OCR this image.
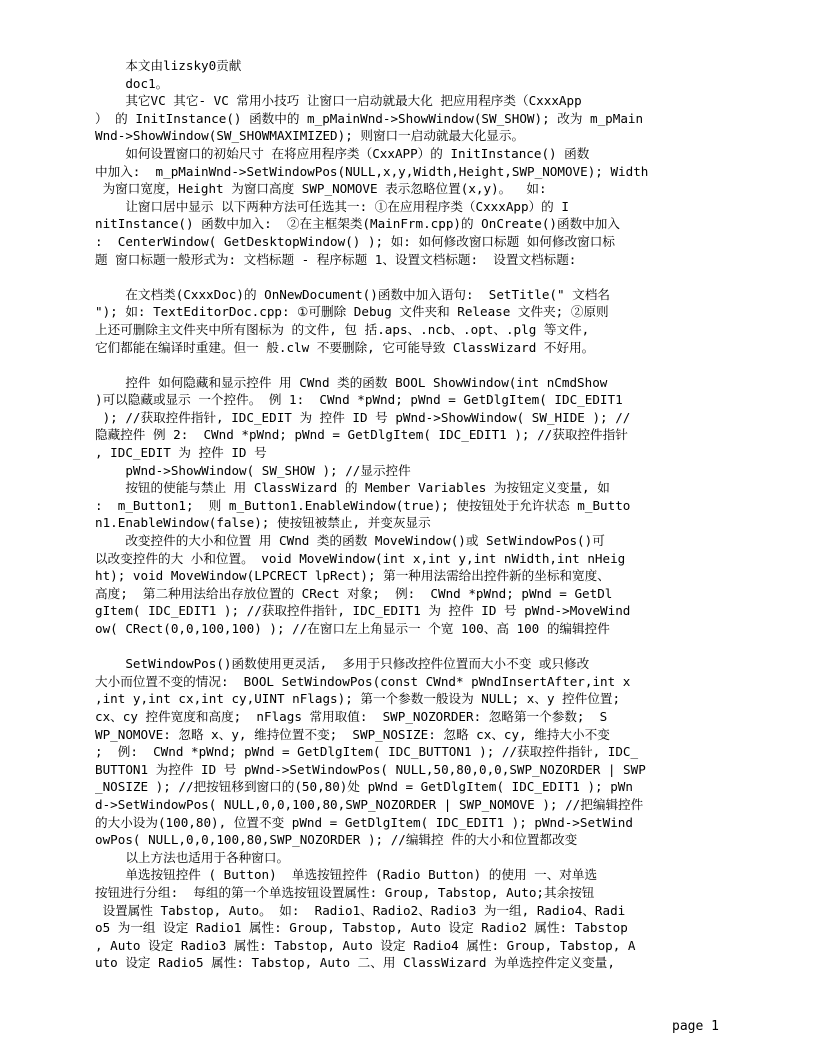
本文由lizsky0贡献
doc1。
其它VC 其它- VC 常用小技巧 让窗口一启动就最大化 把应用程序类（CxxxApp
） 的 InitInstance() 函数中的 m_pMainWnd->ShowWindow(SW_SHOW); 改为 m_pMain
Wnd->ShowWindow(SW_SHOWMAXIMIZED); 则窗口一启动就最大化显示。
如何设置窗口的初始尺寸 在将应用程序类（CxxAPP）的 InitInstance() 函数
中加入:  m_pMainWnd->SetWindowPos(NULL,x,y,Width,Height,SWP_NOMOVE); Width
为窗口宽度，Height 为窗口高度 SWP_NOMOVE 表示忽略位置(x,y)。  如:
让窗口居中显示 以下两种方法可任选其一: ①在应用程序类（CxxxApp）的 I
nitInstance() 函数中加入:  ②在主框架类(MainFrm.cpp)的 OnCreate()函数中加入
:  CenterWindow( GetDesktopWindow() ); 如: 如何修改窗口标题 如何修改窗口标
题 窗口标题一般形式为: 文档标题 - 程序标题 1、设置文档标题:  设置文档标题:
在文档类(CxxxDoc)的 OnNewDocument()函数中加入语句:  SetTitle(" 文档名
"); 如: TextEditorDoc.cpp: ①可删除 Debug 文件夹和 Release 文件夹; ②原则
上还可删除主文件夹中所有图标为 的文件, 包 括.aps、.ncb、.opt、.plg 等文件,
它们都能在编译时重建。但一 般.clw 不要删除, 它可能导致 ClassWizard 不好用。
控件 如何隐藏和显示控件 用 CWnd 类的函数 BOOL ShowWindow(int nCmdShow
)可以隐藏或显示 一个控件。 例 1:  CWnd *pWnd; pWnd = GetDlgItem( IDC_EDIT1
); //获取控件指针, IDC_EDIT 为 控件 ID 号 pWnd->ShowWindow( SW_HIDE ); //
隐藏控件 例 2:  CWnd *pWnd; pWnd = GetDlgItem( IDC_EDIT1 ); //获取控件指针
, IDC_EDIT 为 控件 ID 号
pWnd->ShowWindow( SW_SHOW ); //显示控件
按钮的使能与禁止 用 ClassWizard 的 Member Variables 为按钮定义变量, 如
:  m_Button1;  则 m_Button1.EnableWindow(true); 使按钮处于允许状态 m_Butto
n1.EnableWindow(false); 使按钮被禁止, 并变灰显示
改变控件的大小和位置 用 CWnd 类的函数 MoveWindow()或 SetWindowPos()可
以改变控件的大 小和位置。 void MoveWindow(int x,int y,int nWidth,int nHeig
ht); void MoveWindow(LPCRECT lpRect); 第一种用法需给出控件新的坐标和宽度、
高度;  第二种用法给出存放位置的 CRect 对象;  例:  CWnd *pWnd; pWnd = GetDl
gItem( IDC_EDIT1 ); //获取控件指针, IDC_EDIT1 为 控件 ID 号 pWnd->MoveWind
ow( CRect(0,0,100,100) ); //在窗口左上角显示一 个宽 100、高 100 的编辑控件
SetWindowPos()函数使用更灵活,  多用于只修改控件位置而大小不变 或只修改
大小而位置不变的情况:  BOOL SetWindowPos(const CWnd* pWndInsertAfter,int x
,int y,int cx,int cy,UINT nFlags); 第一个参数一般设为 NULL; x、y 控件位置;
cx、cy 控件宽度和高度;  nFlags 常用取值:  SWP_NOZORDER: 忽略第一个参数;  S
WP_NOMOVE: 忽略 x、y, 维持位置不变;  SWP_NOSIZE: 忽略 cx、cy, 维持大小不变
;  例:  CWnd *pWnd; pWnd = GetDlgItem( IDC_BUTTON1 ); //获取控件指针, IDC_
BUTTON1 为控件 ID 号 pWnd->SetWindowPos( NULL,50,80,0,0,SWP_NOZORDER | SWP
_NOSIZE ); //把按钮移到窗口的(50,80)处 pWnd = GetDlgItem( IDC_EDIT1 ); pWn
d->SetWindowPos( NULL,0,0,100,80,SWP_NOZORDER | SWP_NOMOVE ); //把编辑控件
的大小设为(100,80), 位置不变 pWnd = GetDlgItem( IDC_EDIT1 ); pWnd->SetWind
owPos( NULL,0,0,100,80,SWP_NOZORDER ); //编辑控 件的大小和位置都改变
以上方法也适用于各种窗口。
单选按钮控件 ( Button)  单选按钮控件 (Radio Button) 的使用 一、对单选
按钮进行分组:  每组的第一个单选按钮设置属性: Group, Tabstop, Auto;其余按钮
设置属性 Tabstop, Auto。 如:  Radio1、Radio2、Radio3 为一组, Radio4、Radi
o5 为一组 设定 Radio1 属性: Group, Tabstop, Auto 设定 Radio2 属性: Tabstop
, Auto 设定 Radio3 属性: Tabstop, Auto 设定 Radio4 属性: Group, Tabstop, A
uto 设定 Radio5 属性: Tabstop, Auto 二、用 ClassWizard 为单选控件定义变量,
page 1
